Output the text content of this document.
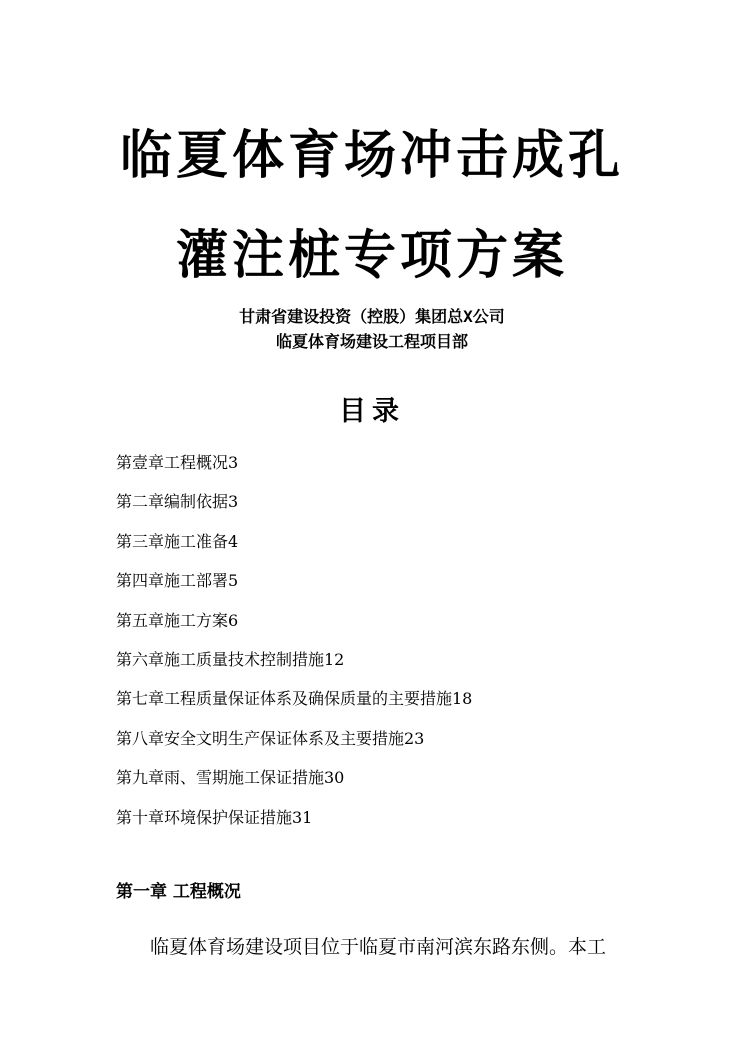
临夏体育场冲击成孔
灌注桩专项方案
甘肃省建设投资（控股）集团总X公司
临夏体育场建设工程项目部
目录
第壹章工程概况3
第二章编制依据3
第三章施工准备4
第四章施工部署5
第五章施工方案6
第六章施工质量技术控制措施12
第七章工程质量保证体系及确保质量的主要措施18
第八章安全文明生产保证体系及主要措施23
第九章雨、雪期施工保证措施30
第十章环境保护保证措施31
第一章 工程概况
临夏体育场建设项目位于临夏市南河滨东路东侧。本工
